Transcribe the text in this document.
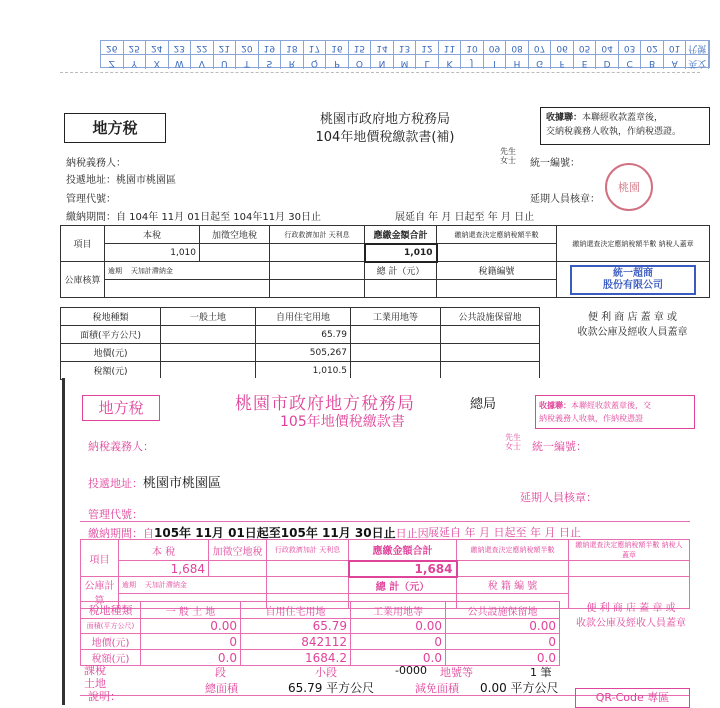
26	25	24	23	22	21	20	19	18	17	16	15	14	13	12	11	10	09	08	07	06	05	04	03	02	01 代號
Z	Y	X	W	V	U	T	S	R	Q	P	O	N	M	L	K	J	I	H	G	F	E	D	C	B	A	英文
地方稅	桃園市政府地方稅務局
104年地價稅繳款書(補)
收據聯：本聯經收款蓋章後，
交納稅義務人收執，作納稅憑證。
納稅義務人：
先生
女士 統一編號：
投遞地址：桃園市桃園區
管理代號：	延期人員核章：
繳納期間：自 104年 11月 01日起至 104年11月 30日止	展延自 年 月 日起至 年 月 日止
桃園
項目	本稅	加徵空地稅	行政救濟加計 天利息	應繳金額合計	繳納還查決定應納稅額半數	繳納還查決定應納稅額半數 納稅人蓋章
	1,010			1,010		
公庫核算	逾期 天加計滯納金			總 計（元）	稅籍編號	統一超商
股份有限公司

稅地種類	一般土地	自用住宅用地	工業用地等	公共設施保留地
面積(平方公尺)		65.79		
地價(元)		505,267		
稅額(元)		1,010.5		
便 利 商 店 蓋 章 或
收款公庫及經收人員蓋章
地方稅	桃園市政府地方稅務局	總局
105年地價稅繳款書
收據聯：本聯經收款蓋章後，交
納稅義務人收執，作納稅憑證
納稅義務人：
先生
女士 統一編號：
投遞地址：桃園市桃園區
延期人員核章：
管理代號：
繳納期間：自105年 11月 01日起至105年 11月 30日止日止因 展延自 年 月 日起至 年 月 日止
項目	本 稅	加徵空地稅	行政救濟加計 天利息	應繳金額合計	繳納還查決定應納稅額半數	繳納還查決定應納稅額半數 納稅人蓋章
	1,684			1,684		
公庫計算	逾期 天加計滯納金			總 計（元）	稅 籍 編 號	

稅地種類	一 般 土 地	自用住宅用地	工業用地等	公共設施保留地
面積(平方公尺)	0.00	65.79	0.00	0.00
地價(元)	0	842112	0	0
稅額(元)	0.0	1684.2	0.0	0.0
便 利 商 店 蓋 章 或
收款公庫及經收人員蓋章
課稅土地
段	小段	-0000 地號等	1 筆
總面積	65.79 平方公尺	減免面積 0.00 平方公尺
說明：	QR-Code 專區
